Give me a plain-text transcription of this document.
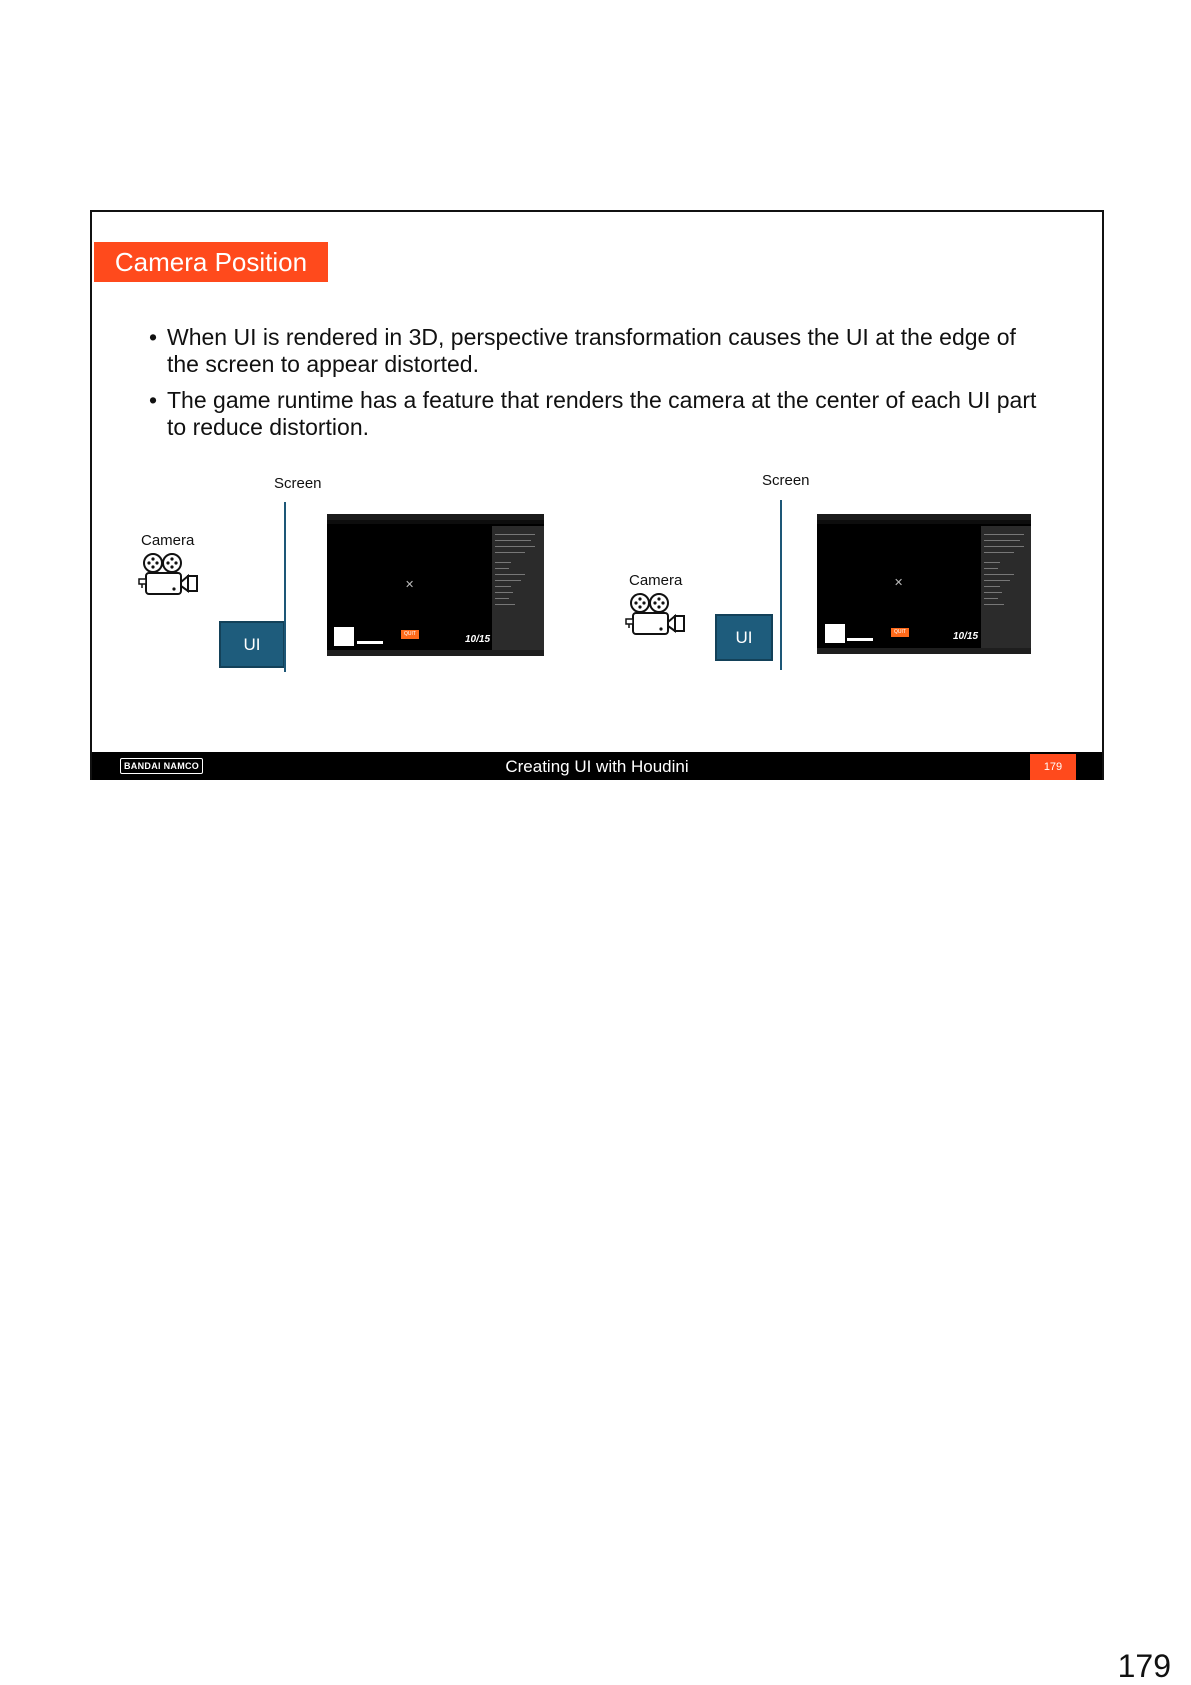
Camera Position
• When UI is rendered in 3D, perspective transformation causes the UI at the edge of the screen to appear distorted.
• The game runtime has a feature that renders the camera at the center of each UI part to reduce distortion.
Screen
Camera
UI
✕
QUIT	10/15
Screen
Camera
UI
✕
QUIT	10/15
BANDAI NAMCO	Creating UI with Houdini	179
179
